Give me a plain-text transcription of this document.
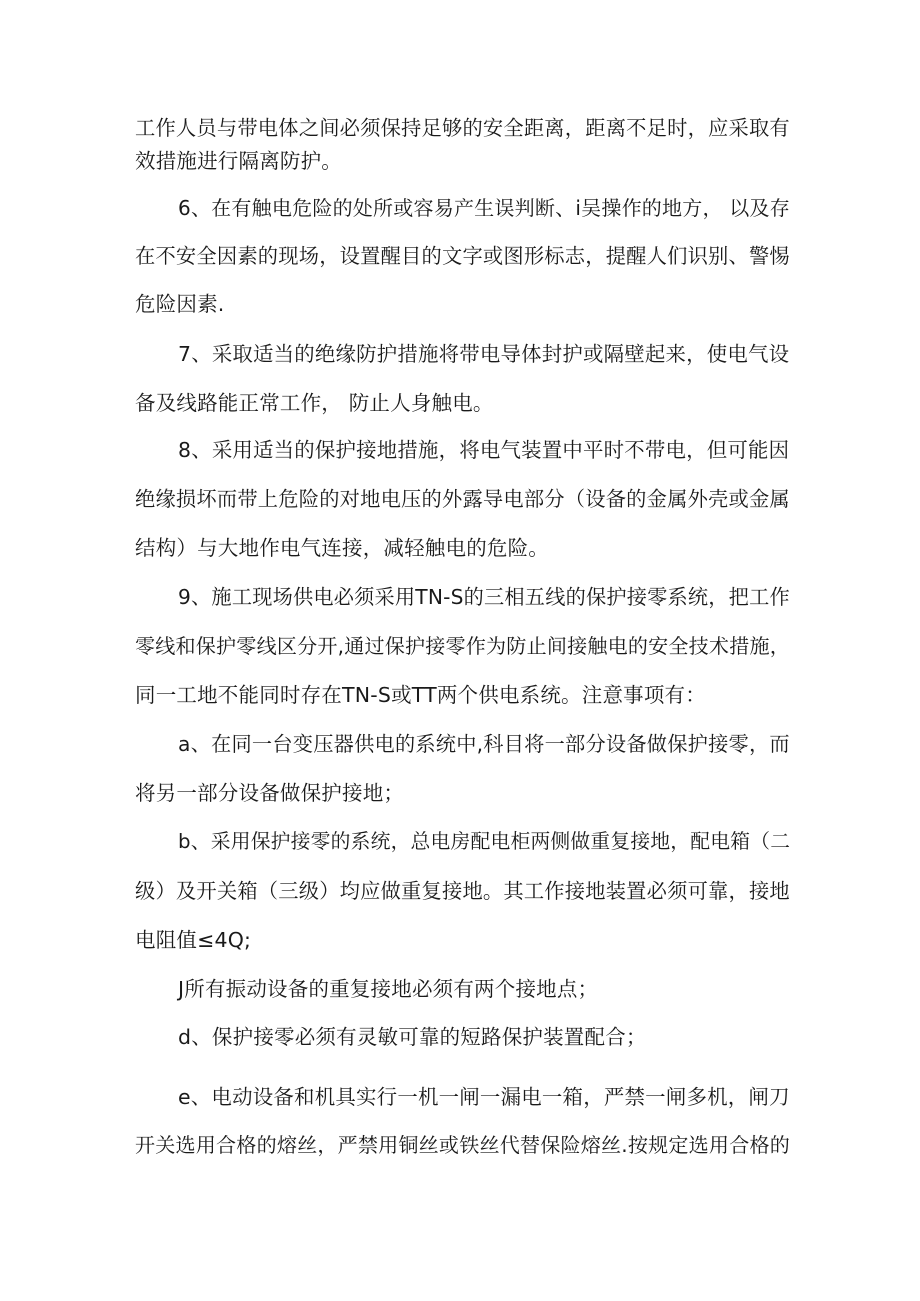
工作人员与带电体之间必须保持足够的安全距离，距离不足时，应采取有
效措施进行隔离防护。
6、在有触电危险的处所或容易产生误判断、i吴操作的地方， 以及存
在不安全因素的现场，设置醒目的文字或图形标志，提醒人们识别、警惕
危险因素.
7、采取适当的绝缘防护措施将带电导体封护或隔壁起来，使电气设
备及线路能正常工作， 防止人身触电。
8、采用适当的保护接地措施，将电气装置中平时不带电，但可能因
绝缘损坏而带上危险的对地电压的外露导电部分（设备的金属外壳或金属
结构）与大地作电气连接，减轻触电的危险。
9、施工现场供电必须采用TN-S的三相五线的保护接零系统，把工作
零线和保护零线区分开,通过保护接零作为防止间接触电的安全技术措施，
同一工地不能同时存在TN-S或TT两个供电系统。注意事项有：
a、在同一台变压器供电的系统中,科目将一部分设备做保护接零，而
将另一部分设备做保护接地；
b、采用保护接零的系统，总电房配电柜两侧做重复接地，配电箱（二
级）及开关箱（三级）均应做重复接地。其工作接地装置必须可靠，接地
电阻值≤4Q;
J所有振动设备的重复接地必须有两个接地点；
d、保护接零必须有灵敏可靠的短路保护装置配合；
e、电动设备和机具实行一机一闸一漏电一箱，严禁一闸多机，闸刀
开关选用合格的熔丝，严禁用铜丝或铁丝代替保险熔丝.按规定选用合格的
